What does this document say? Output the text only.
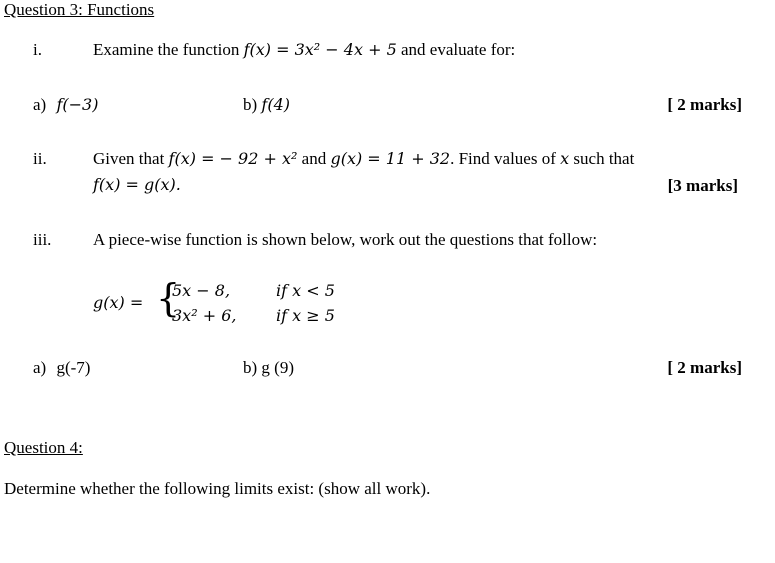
Question 3: Functions
i.	Examine the function f(x) = 3x² − 4x + 5 and evaluate for:
a) f(−3)	b) f(4)	[ 2 marks]
ii.	Given that f(x) = − 92 + x² and g(x) = 11 + 32. Find values of x such that
f(x) = g(x).	[3 marks]
iii. A piece-wise function is shown below, work out the questions that follow:
g(x) = {
5x − 8,	if x < 5
3x² + 6, if x ≥ 5
a) g(-7)	b) g (9)	[ 2 marks]
Question 4:
Determine whether the following limits exist: (show all work).
